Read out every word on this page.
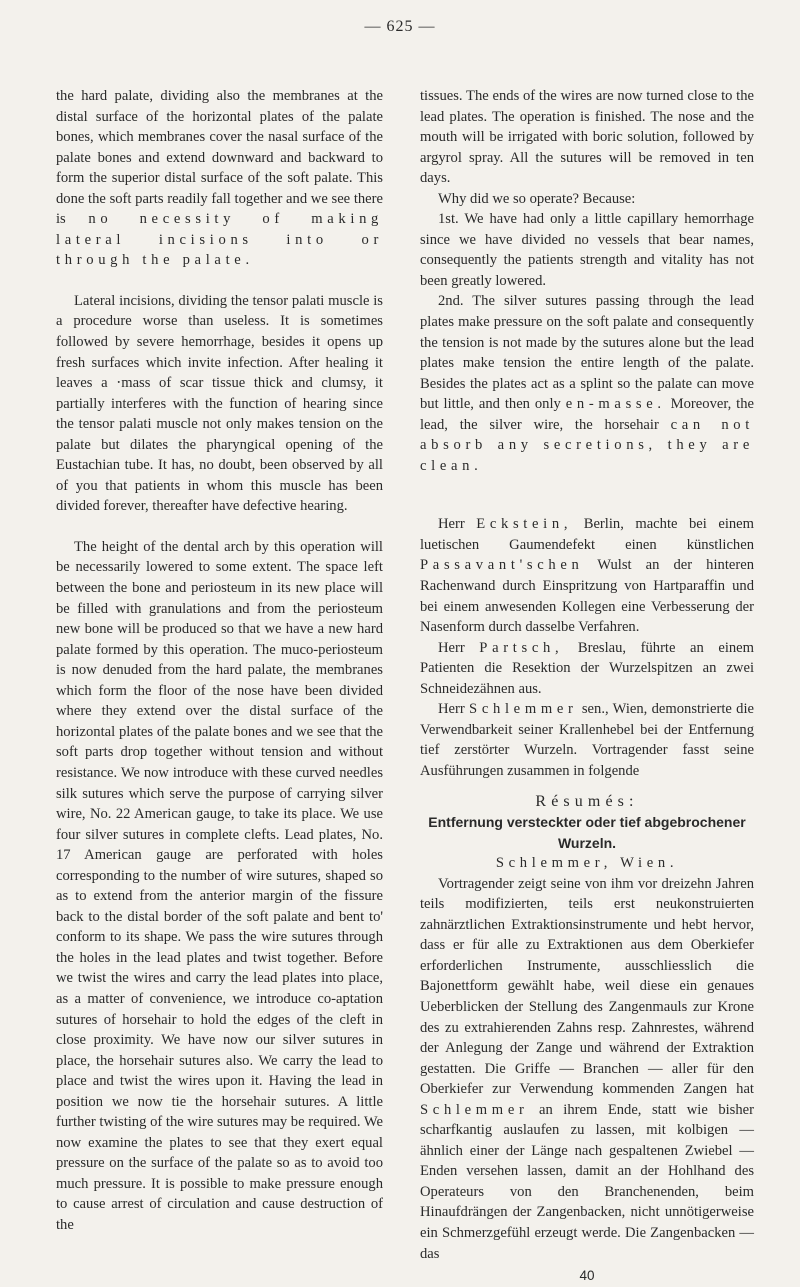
— 625 —

the hard palate, dividing also the membranes at the distal surface of the horizontal plates of the palate bones, which membranes cover the nasal surface of the palate bones and extend downward and backward to form the superior distal surface of the soft palate. This done the soft parts readily fall together and we see there is no necessity of making lateral incisions into or through the palate.

Lateral incisions, dividing the tensor palati muscle is a procedure worse than useless. It is sometimes followed by severe hemorrhage, besides it opens up fresh surfaces which invite infection. After healing it leaves a ⋅mass of scar tissue thick and clumsy, it partially interferes with the function of hearing since the tensor palati muscle not only makes tension on the palate but dilates the pharyngical opening of the Eustachian tube. It has, no doubt, been observed by all of you that patients in whom this muscle has been divided forever, thereafter have defective hearing.

The height of the dental arch by this operation will be necessarily lowered to some extent. The space left between the bone and periosteum in its new place will be filled with granulations and from the periosteum new bone will be produced so that we have a new hard palate formed by this operation. The muco-periosteum is now denuded from the hard palate, the membranes which form the floor of the nose have been divided where they extend over the distal surface of the horizontal plates of the palate bones and we see that the soft parts drop together without tension and without resistance. We now introduce with these curved needles silk sutures which serve the purpose of carrying silver wire, No. 22 American gauge, to take its place. We use four silver sutures in complete clefts. Lead plates, No. 17 American gauge are perforated with holes corresponding to the number of wire sutures, shaped so as to extend from the anterior margin of the fissure back to the distal border of the soft palate and bent to' conform to its shape. We pass the wire sutures through the holes in the lead plates and twist together. Before we twist the wires and carry the lead plates into place, as a matter of convenience, we introduce co-aptation sutures of horsehair to hold the edges of the cleft in close proximity. We have now our silver sutures in place, the horsehair sutures also. We carry the lead to place and twist the wires upon it. Having the lead in position we now tie the horsehair sutures. A little further twisting of the wire sutures may be required. We now examine the plates to see that they exert equal pressure on the surface of the palate so as to avoid too much pressure. It is possible to make pressure enough to cause arrest of circulation and cause destruction of the

tissues. The ends of the wires are now turned close to the lead plates. The operation is finished. The nose and the mouth will be irrigated with boric solution, followed by argyrol spray. All the sutures will be removed in ten days.

Why did we so operate? Because:

1st. We have had only a little capillary hemorrhage since we have divided no vessels that bear names, consequently the patients strength and vitality has not been greatly lowered.

2nd. The silver sutures passing through the lead plates make pressure on the soft palate and consequently the tension is not made by the sutures alone but the lead plates make tension the entire length of the palate. Besides the plates act as a splint so the palate can move but little, and then only en-masse. Moreover, the lead, the silver wire, the horsehair can not absorb any secretions, they are clean.

Herr Eckstein, Berlin, machte bei einem luetischen Gaumendefekt einen künstlichen Passavant'schen Wulst an der hinteren Rachenwand durch Einspritzung von Hartparaffin und bei einem anwesenden Kollegen eine Verbesserung der Nasenform durch dasselbe Verfahren.

Herr Partsch, Breslau, führte an einem Patienten die Resektion der Wurzelspitzen an zwei Schneidezähnen aus.

Herr Schlemmer sen., Wien, demonstrierte die Verwendbarkeit seiner Krallenhebel bei der Entfernung tief zerstörter Wurzeln. Vortragender fasst seine Ausführungen zusammen in folgende

Résumés:

Entfernung versteckter oder tief abgebrochener Wurzeln.

Schlemmer, Wien.

Vortragender zeigt seine von ihm vor dreizehn Jahren teils modifizierten, teils erst neukonstruierten zahnärztlichen Extraktionsinstrumente und hebt hervor, dass er für alle zu Extraktionen aus dem Oberkiefer erforderlichen Instrumente, ausschliesslich die Bajonettform gewählt habe, weil diese ein genaues Ueberblicken der Stellung des Zangenmauls zur Krone des zu extrahierenden Zahns resp. Zahnrestes, während der Anlegung der Zange und während der Extraktion gestatten. Die Griffe — Branchen — aller für den Oberkiefer zur Verwendung kommenden Zangen hat Schlemmer an ihrem Ende, statt wie bisher scharfkantig auslaufen zu lassen, mit kolbigen — ähnlich einer der Länge nach gespaltenen Zwiebel — Enden versehen lassen, damit an der Hohlhand des Operateurs von den Branchenenden, beim Hinaufdrängen der Zangenbacken, nicht unnötigerweise ein Schmerzgefühl erzeugt werde. Die Zangenbacken — das

40
